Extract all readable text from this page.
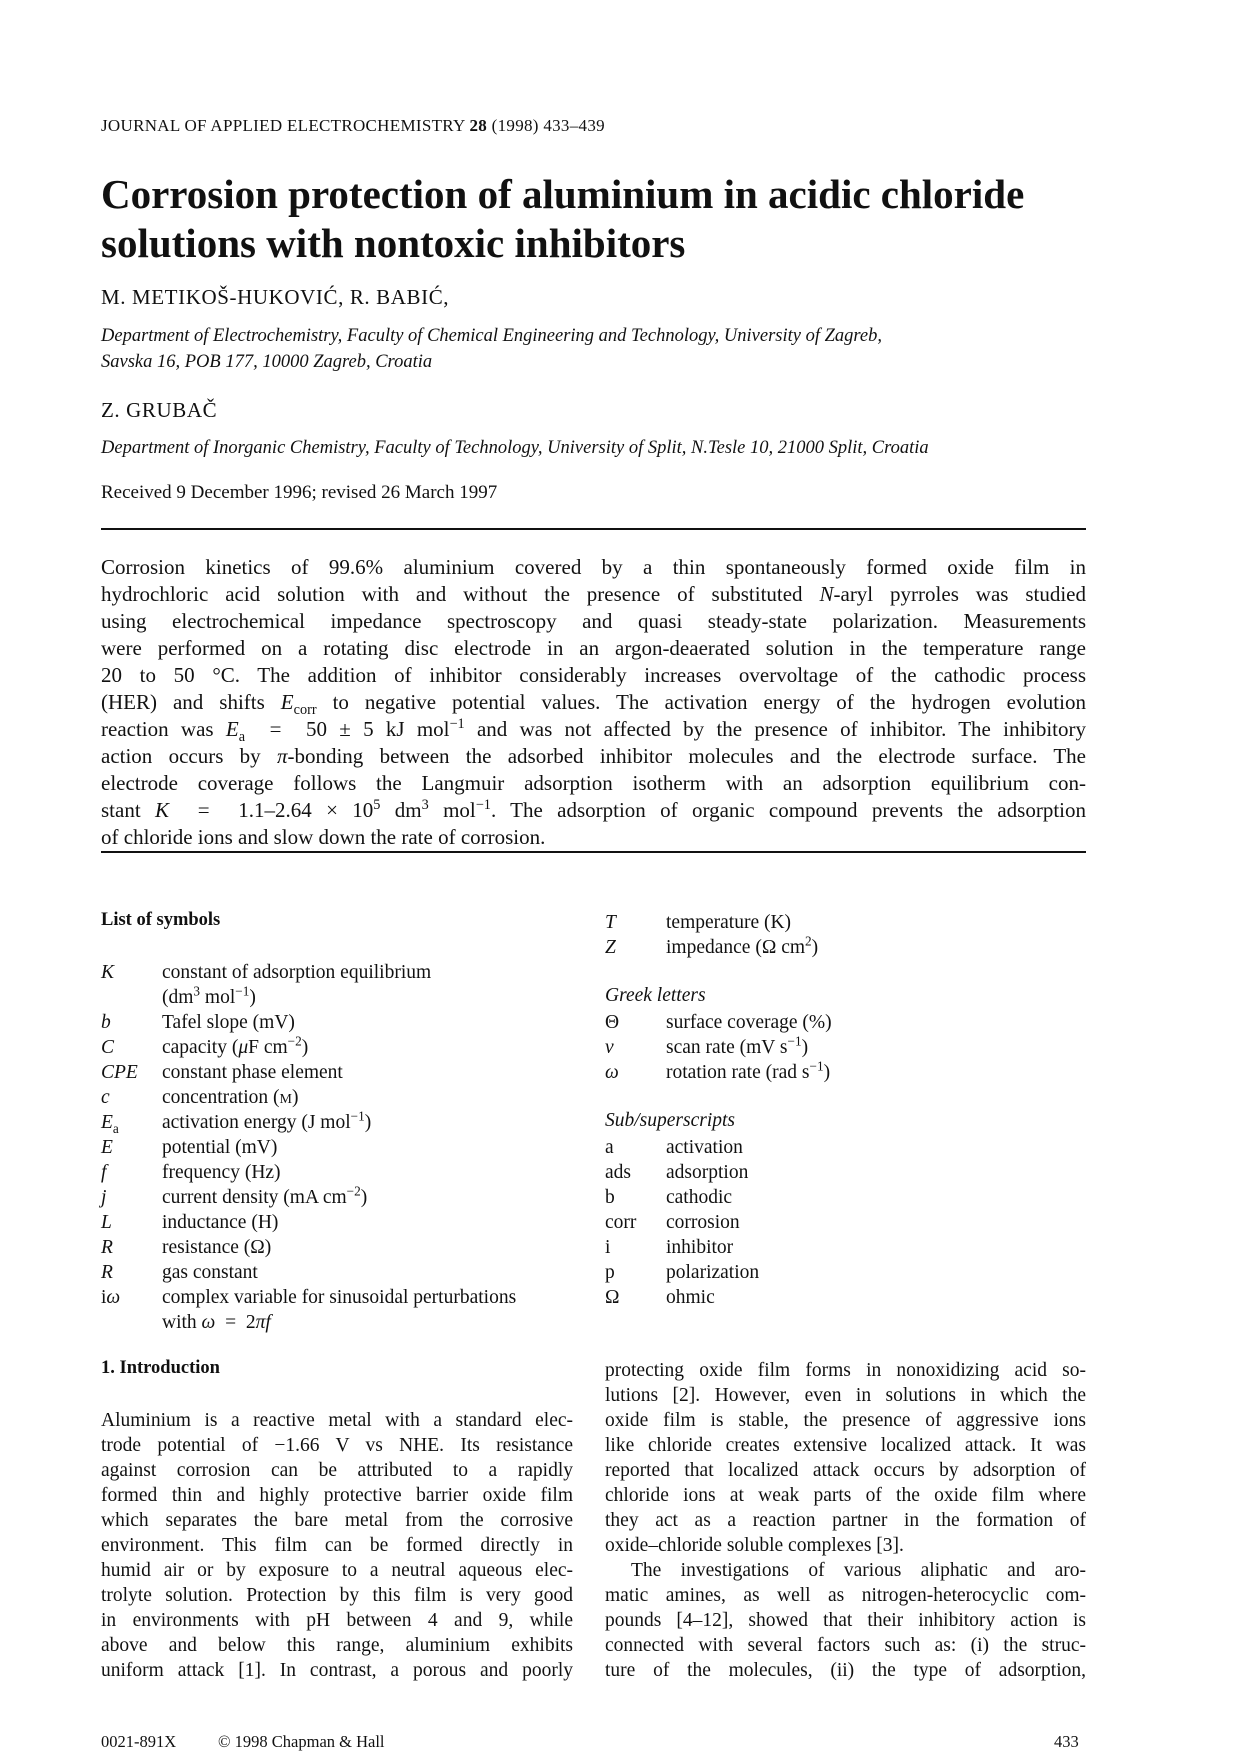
JOURNAL OF APPLIED ELECTROCHEMISTRY 28 (1998) 433–439
Corrosion protection of aluminium in acidic chloride
solutions with nontoxic inhibitors
M. METIKOŠ-HUKOVIĆ, R. BABIĆ,
Department of Electrochemistry, Faculty of Chemical Engineering and Technology, University of Zagreb,
Savska 16, POB 177, 10000 Zagreb, Croatia
Z. GRUBAČ
Department of Inorganic Chemistry, Faculty of Technology, University of Split, N.Tesle 10, 21000 Split, Croatia
Received 9 December 1996; revised 26 March 1997
Corrosion kinetics of 99.6% aluminium covered by a thin spontaneously formed oxide film in
hydrochloric acid solution with and without the presence of substituted N-aryl pyrroles was studied
using electrochemical impedance spectroscopy and quasi steady-state polarization. Measurements
were performed on a rotating disc electrode in an argon-deaerated solution in the temperature range
20 to 50 °C. The addition of inhibitor considerably increases overvoltage of the cathodic process
(HER) and shifts $E_{corr}$ to negative potential values. The activation energy of the hydrogen evolution
reaction was $E_a = 50 \pm 5$ kJ mol$^{-1}$ and was not affected by the presence of inhibitor. The inhibitory
action occurs by π-bonding between the adsorbed inhibitor molecules and the electrode surface. The
electrode coverage follows the Langmuir adsorption isotherm with an adsorption equilibrium con-
stant $K = 1.1-2.64 \times 10^5$ $dm^3$ mol$^{-1}$. The adsorption of organic compound prevents the adsorption
of chloride ions and slow down the rate of corrosion.
List of symbols
K constant of adsorption equilibrium
($dm^3$ mol$^{-1}$)
b	Tafel slope (mV)
C capacity (μF $cm^{-2}$)
CPE constant phase element
c	concentration (m)
$E_a$ activation energy (J mol$^{-1}$)
E	potential (mV)
f	frequency (Hz)
j	current density (mA $cm^{-2}$)
L	inductance (H)
R	resistance (Ω)
R	gas constant
iω complex variable for sinusoidal perturbations
with ω  =  2πf
T	temperature (K)
Z	impedance (Ω $cm^2$)
Greek letters
Θ surface coverage (%)
ν	scan rate (mV $s^{-1}$)
ω rotation rate (rad $s^{-1}$)
Sub/superscripts
a	activation
ads adsorption
b	cathodic
corr corrosion
i	inhibitor
p	polarization
Ω ohmic
1. Introduction
Aluminium is a reactive metal with a standard elec-
trode potential of −1.66 V vs NHE. Its resistance
against corrosion can be attributed to a rapidly
formed thin and highly protective barrier oxide film
which separates the bare metal from the corrosive
environment. This film can be formed directly in
humid air or by exposure to a neutral aqueous elec-
trolyte solution. Protection by this film is very good
in environments with pH between 4 and 9, while
above and below this range, aluminium exhibits
uniform attack [1]. In contrast, a porous and poorly
protecting oxide film forms in nonoxidizing acid so-
lutions [2]. However, even in solutions in which the
oxide film is stable, the presence of aggressive ions
like chloride creates extensive localized attack. It was
reported that localized attack occurs by adsorption of
chloride ions at weak parts of the oxide film where
they act as a reaction partner in the formation of
oxide–chloride soluble complexes [3].
The investigations of various aliphatic and aro-
matic amines, as well as nitrogen-heterocyclic com-
pounds [4–12], showed that their inhibitory action is
connected with several factors such as: (i) the struc-
ture of the molecules, (ii) the type of adsorption,
0021-891X	© 1998 Chapman & Hall	433
